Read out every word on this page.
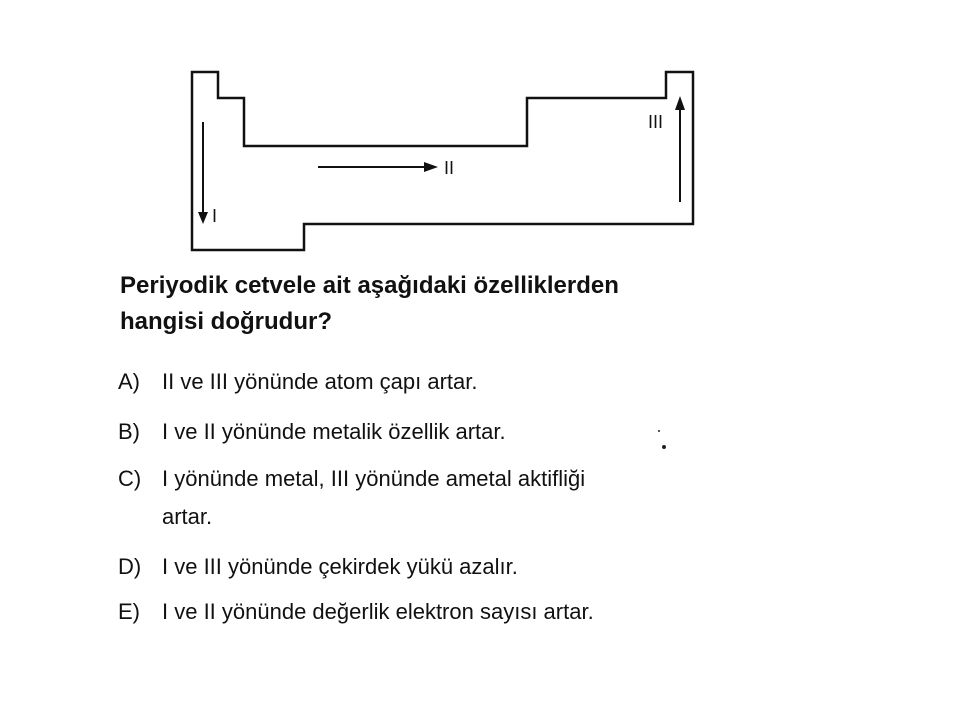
I
II
III

Periyodik cetvele ait aşağıdaki özelliklerden
hangisi doğrudur?

A) II ve III yönünde atom çapı artar.
B) I ve II yönünde metalik özellik artar.
C) I yönünde metal, III yönünde ametal aktifliği
artar.
D) I ve III yönünde çekirdek yükü azalır.
E) I ve II yönünde değerlik elektron sayısı artar.
